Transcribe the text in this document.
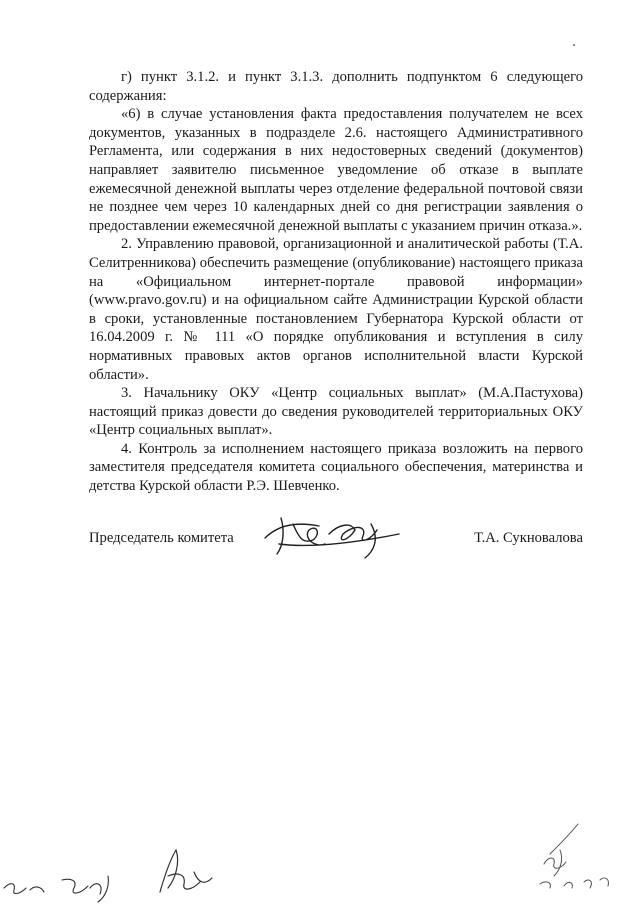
г) пункт 3.1.2. и пункт 3.1.3. дополнить подпунктом 6 следующего содержания:

«6) в случае установления факта предоставления получателем не всех документов, указанных в подразделе 2.6. настоящего Административного Регламента, или содержания в них недостоверных сведений (документов) направляет заявителю письменное уведомление об отказе в выплате ежемесячной денежной выплаты через отделение федеральной почтовой связи не позднее чем через 10 календарных дней со дня регистрации заявления о предоставлении ежемесячной денежной выплаты с указанием причин отказа.».

2. Управлению правовой, организационной и аналитической работы (Т.А. Селитренникова) обеспечить размещение (опубликование) настоящего приказа на «Официальном интернет-портале правовой информации» (www.pravo.gov.ru) и на официальном сайте Администрации Курской области в сроки, установленные постановлением Губернатора Курской области от 16.04.2009 г. № 111 «О порядке опубликования и вступления в силу нормативных правовых актов органов исполнительной власти Курской области».

3. Начальнику ОКУ «Центр социальных выплат» (М.А.Пастухова) настоящий приказ довести до сведения руководителей территориальных ОКУ «Центр социальных выплат».

4. Контроль за исполнением настоящего приказа возложить на первого заместителя председателя комитета социального обеспечения, материнства и детства Курской области Р.Э. Шевченко.

Председатель комитета	Т.А. Сукновалова
